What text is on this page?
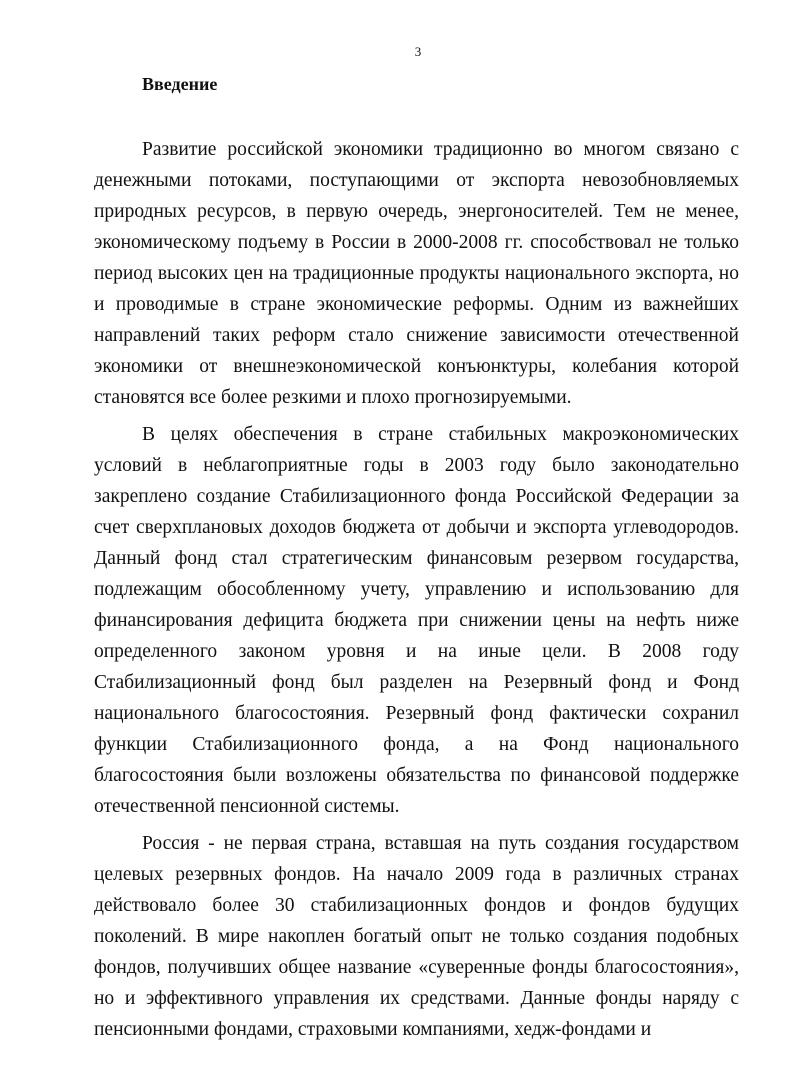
3
Введение

Развитие российской экономики традиционно во многом связано с денежными потоками, поступающими от экспорта невозобновляемых природных ресурсов, в первую очередь, энергоносителей. Тем не менее, экономическому подъему в России в 2000-2008 гг. способствовал не только период высоких цен на традиционные продукты национального экспорта, но и проводимые в стране экономические реформы. Одним из важнейших направлений таких реформ стало снижение зависимости отечественной экономики от внешнеэкономической конъюнктуры, колебания которой становятся все более резкими и плохо прогнозируемыми.

В целях обеспечения в стране стабильных макроэкономических условий в неблагоприятные годы в 2003 году было законодательно закреплено создание Стабилизационного фонда Российской Федерации за счет сверхплановых доходов бюджета от добычи и экспорта углеводородов. Данный фонд стал стратегическим финансовым резервом государства, подлежащим обособленному учету, управлению и использованию для финансирования дефицита бюджета при снижении цены на нефть ниже определенного законом уровня и на иные цели. В 2008 году Стабилизационный фонд был разделен на Резервный фонд и Фонд национального благосостояния. Резервный фонд фактически сохранил функции Стабилизационного фонда, а на Фонд национального благосостояния были возложены обязательства по финансовой поддержке отечественной пенсионной системы.

Россия - не первая страна, вставшая на путь создания государством целевых резервных фондов. На начало 2009 года в различных странах действовало более 30 стабилизационных фондов и фондов будущих поколений. В мире накоплен богатый опыт не только создания подобных фондов, получивших общее название «суверенные фонды благосостояния», но и эффективного управления их средствами. Данные фонды наряду с пенсионными фондами, страховыми компаниями, хедж-фондами и
